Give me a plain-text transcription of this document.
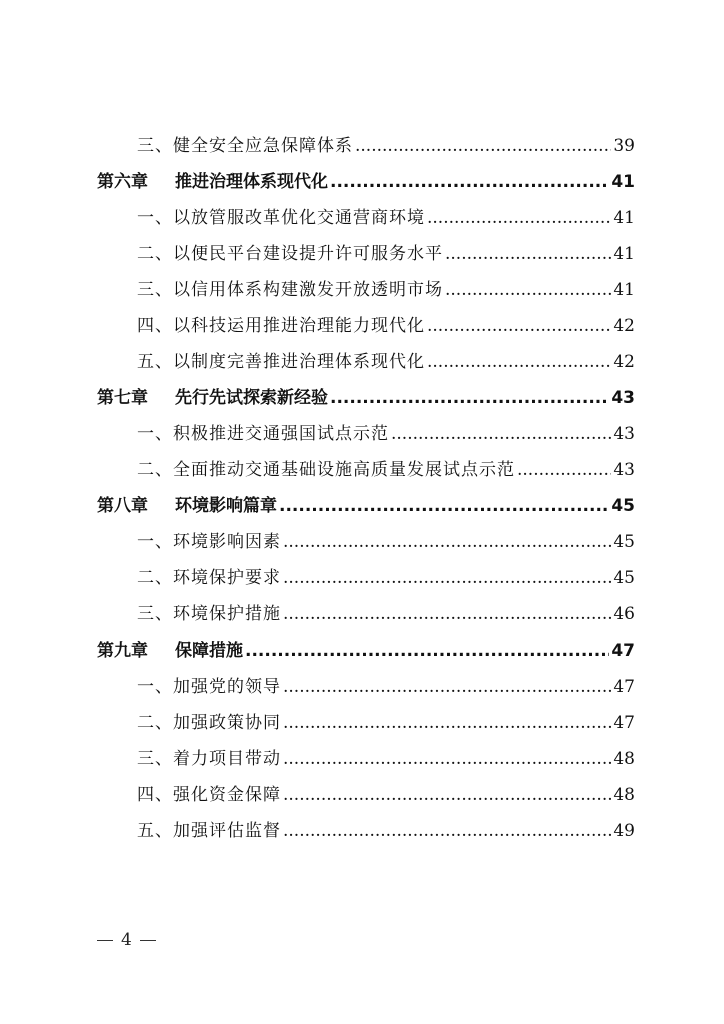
三、健全安全应急保障体系 .....	39
第六章	推进治理体系现代化 .....	41
一、以放管服改革优化交通营商环境 .....	41
二、以便民平台建设提升许可服务水平 .....	41
三、以信用体系构建激发开放透明市场 .....	41
四、以科技运用推进治理能力现代化 .....	42
五、以制度完善推进治理体系现代化 .....	42
第七章	先行先试探索新经验 .....	43
一、积极推进交通强国试点示范 .....	43
二、全面推动交通基础设施高质量发展试点示范 .....	43
第八章	环境影响篇章 .....	45
一、环境影响因素 .....	45
二、环境保护要求 .....	45
三、环境保护措施 .....	46
第九章	保障措施 .....	47
一、加强党的领导 .....	47
二、加强政策协同 .....	47
三、着力项目带动 .....	48
四、强化资金保障 .....	48
五、加强评估监督 .....	49
4
